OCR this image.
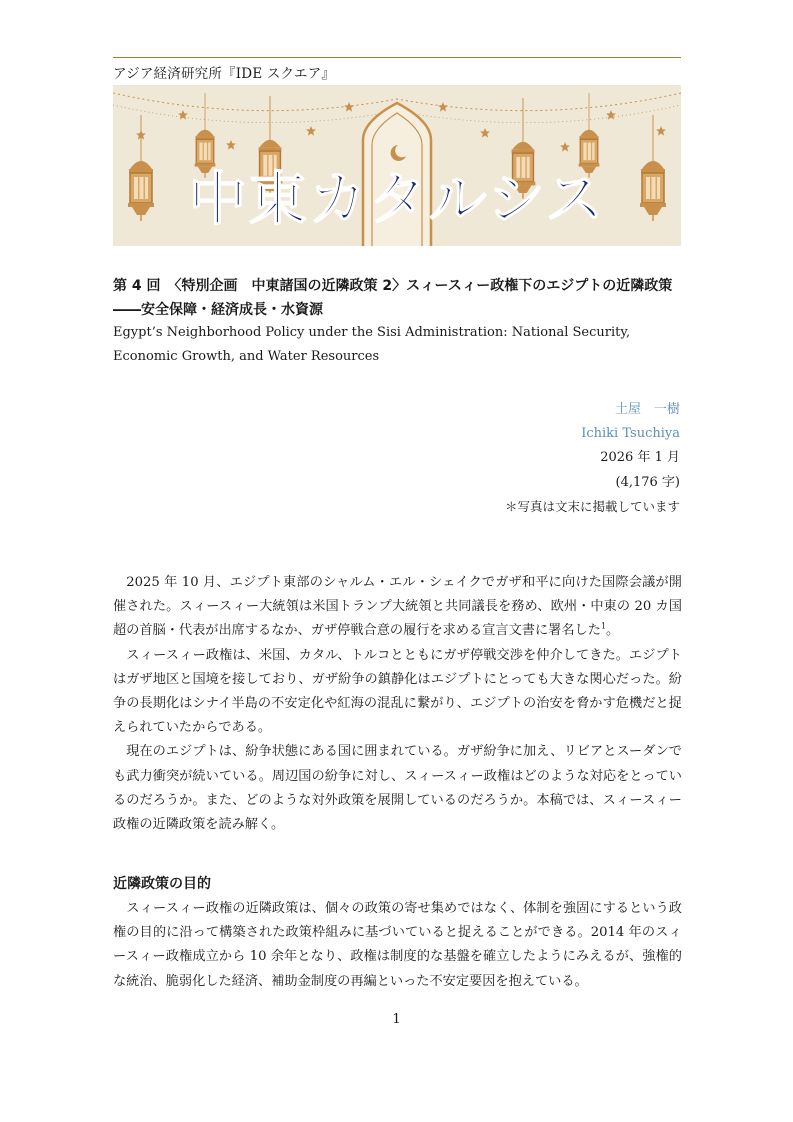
アジア経済研究所『IDE スクエア』
中東カタルシス
第 4 回　〈特別企画　中東諸国の近隣政策 2〉スィースィー政権下のエジプトの近隣政策――安全保障・経済成長・水資源
Egypt’s Neighborhood Policy under the Sisi Administration: National Security, Economic Growth, and Water Resources
土屋　一樹
Ichiki Tsuchiya
2026 年 1 月
(4,176 字)
＊写真は文末に掲載しています

2025 年 10 月、エジプト東部のシャルム・エル・シェイクでガザ和平に向けた国際会議が開催された。スィースィー大統領は米国トランプ大統領と共同議長を務め、欧州・中東の 20 カ国超の首脳・代表が出席するなか、ガザ停戦合意の履行を求める宣言文書に署名した$^1$。

スィースィー政権は、米国、カタル、トルコとともにガザ停戦交渉を仲介してきた。エジプトはガザ地区と国境を接しており、ガザ紛争の鎮静化はエジプトにとっても大きな関心だった。紛争の長期化はシナイ半島の不安定化や紅海の混乱に繋がり、エジプトの治安を脅かす危機だと捉えられていたからである。

現在のエジプトは、紛争状態にある国に囲まれている。ガザ紛争に加え、リビアとスーダンでも武力衝突が続いている。周辺国の紛争に対し、スィースィー政権はどのような対応をとっているのだろうか。また、どのような対外政策を展開しているのだろうか。本稿では、スィースィー政権の近隣政策を読み解く。

近隣政策の目的

スィースィー政権の近隣政策は、個々の政策の寄せ集めではなく、体制を強固にするという政権の目的に沿って構築された政策枠組みに基づいていると捉えることができる。2014 年のスィースィー政権成立から 10 余年となり、政権は制度的な基盤を確立したようにみえるが、強権的な統治、脆弱化した経済、補助金制度の再編といった不安定要因を抱えている。

1
